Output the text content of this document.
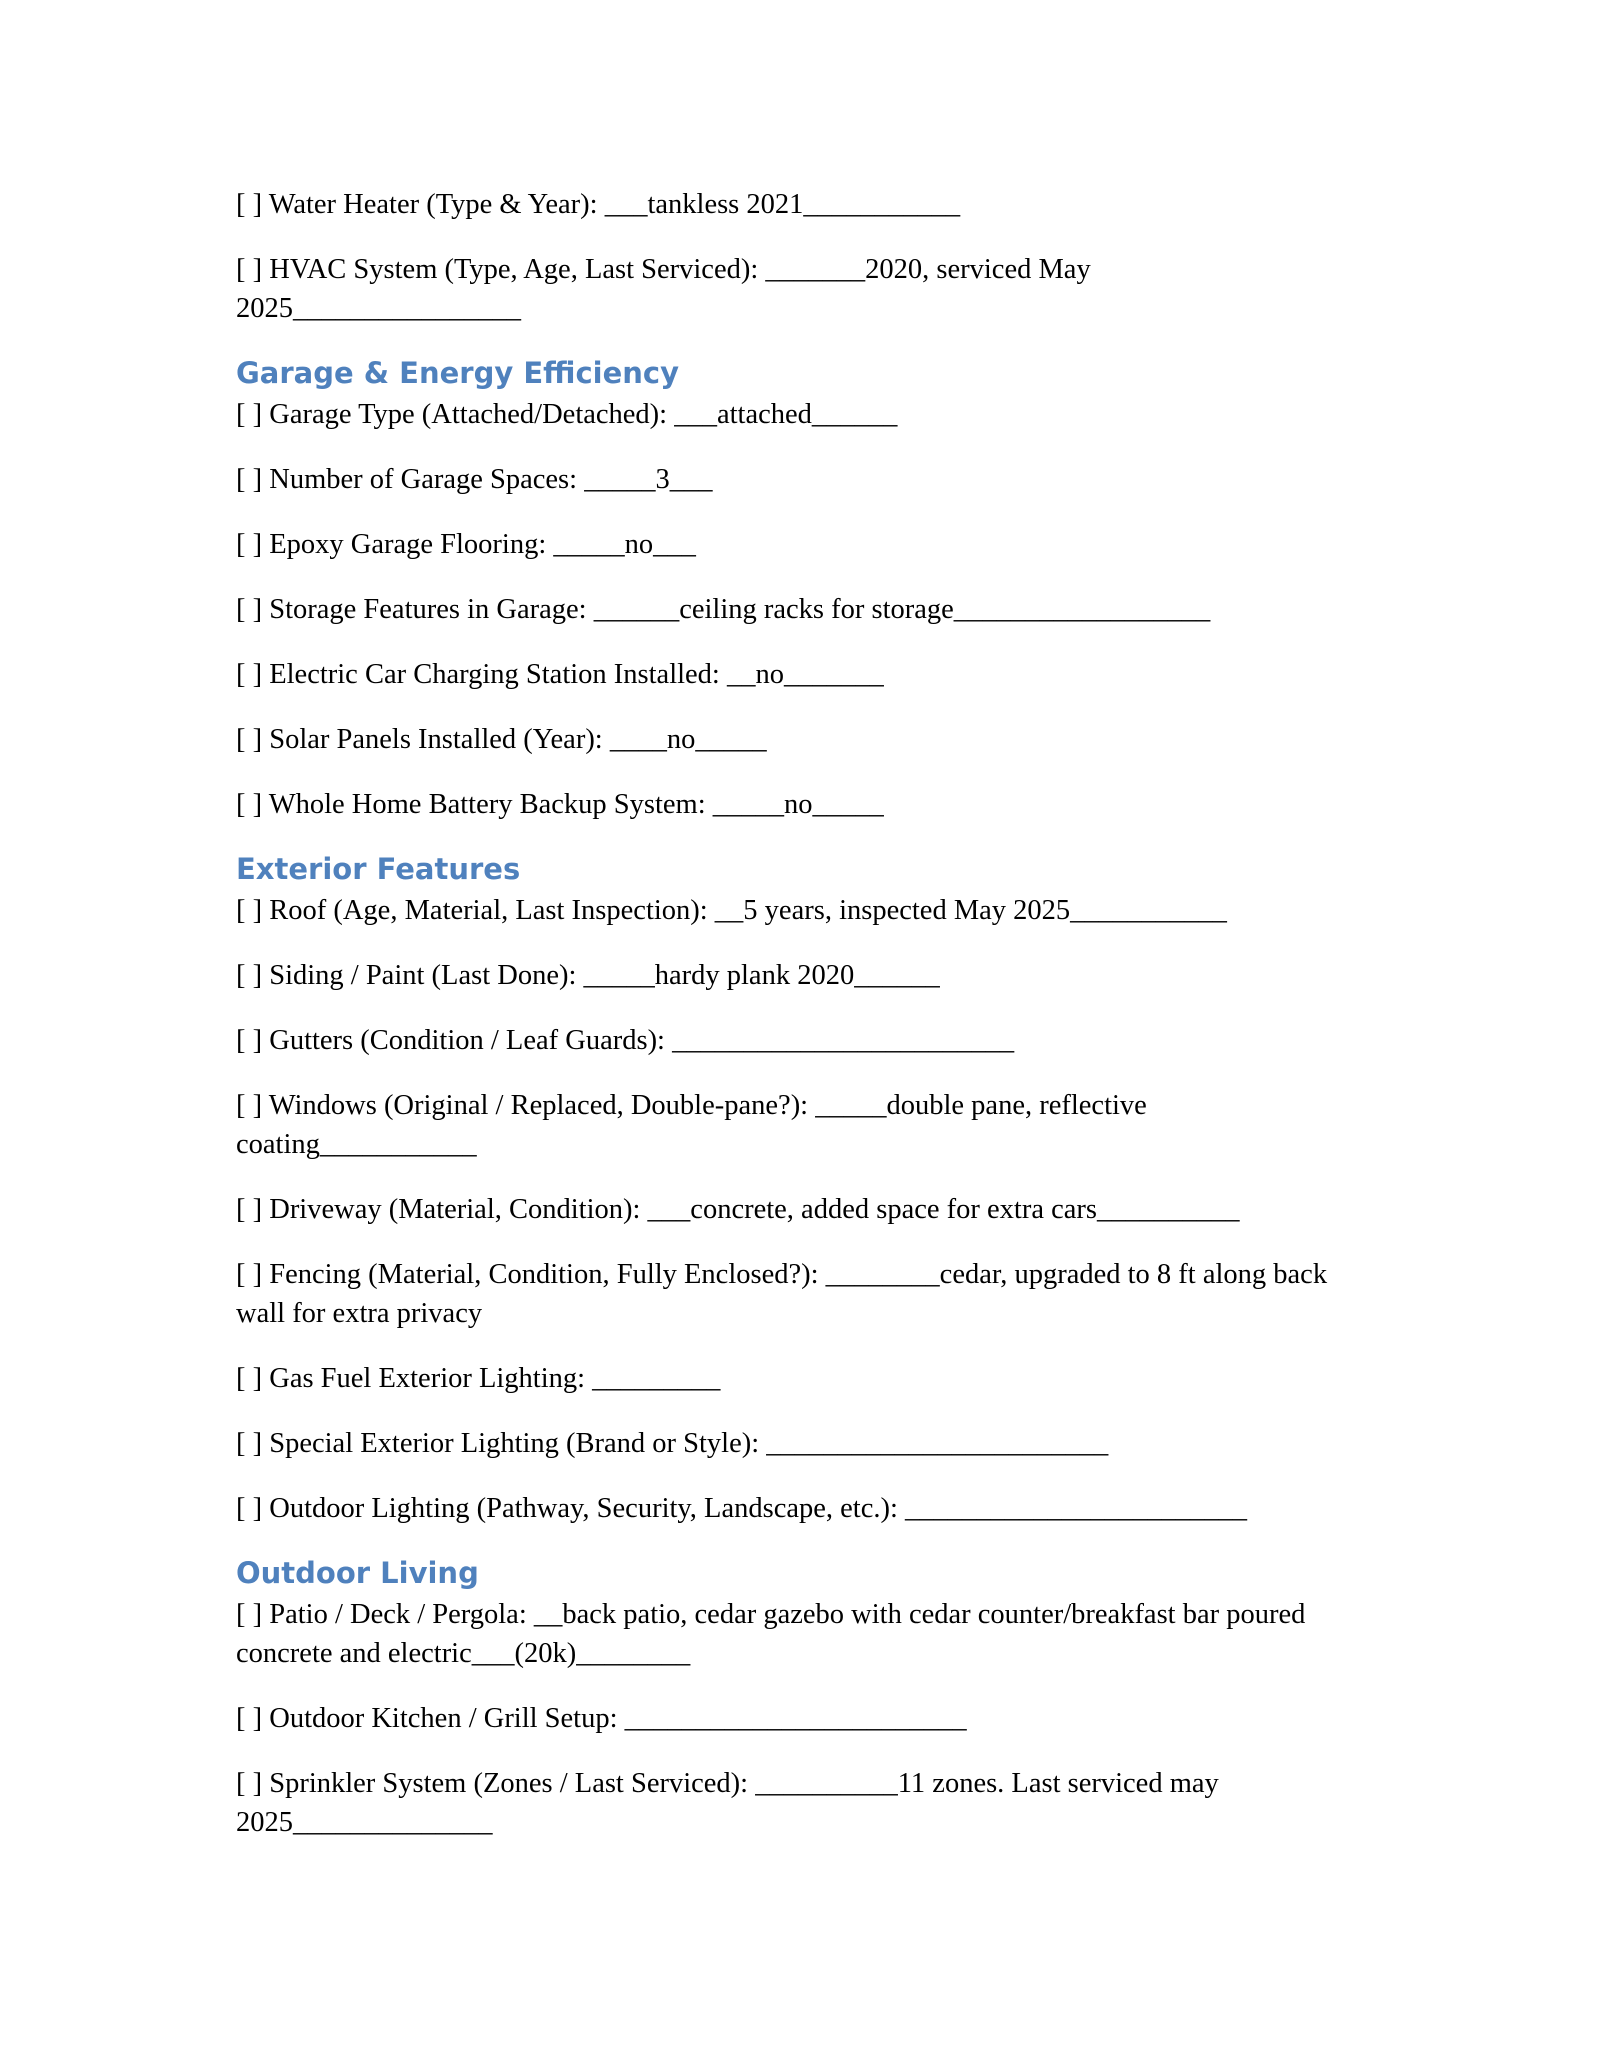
[ ] Water Heater (Type & Year): ___tankless 2021___________

[ ] HVAC System (Type, Age, Last Serviced): _______2020, serviced May 2025________________

Garage & Energy Efficiency

[ ] Garage Type (Attached/Detached): ___attached______

[ ] Number of Garage Spaces: _____3___

[ ] Epoxy Garage Flooring: _____no___

[ ] Storage Features in Garage: ______ceiling racks for storage__________________

[ ] Electric Car Charging Station Installed: __no_______

[ ] Solar Panels Installed (Year): ____no_____

[ ] Whole Home Battery Backup System: _____no_____

Exterior Features

[ ] Roof (Age, Material, Last Inspection): __5 years, inspected May 2025___________

[ ] Siding / Paint (Last Done): _____hardy plank 2020______

[ ] Gutters (Condition / Leaf Guards): ________________________

[ ] Windows (Original / Replaced, Double-pane?): _____double pane, reflective coating___________

[ ] Driveway (Material, Condition): ___concrete, added space for extra cars__________

[ ] Fencing (Material, Condition, Fully Enclosed?): ________cedar, upgraded to 8 ft along back wall for extra privacy

[ ] Gas Fuel Exterior Lighting: _________

[ ] Special Exterior Lighting (Brand or Style): ________________________

[ ] Outdoor Lighting (Pathway, Security, Landscape, etc.): ________________________

Outdoor Living

[ ] Patio / Deck / Pergola: __back patio, cedar gazebo with cedar counter/breakfast bar poured concrete and electric___(20k)________

[ ] Outdoor Kitchen / Grill Setup: ________________________

[ ] Sprinkler System (Zones / Last Serviced): __________11 zones. Last serviced may 2025______________
